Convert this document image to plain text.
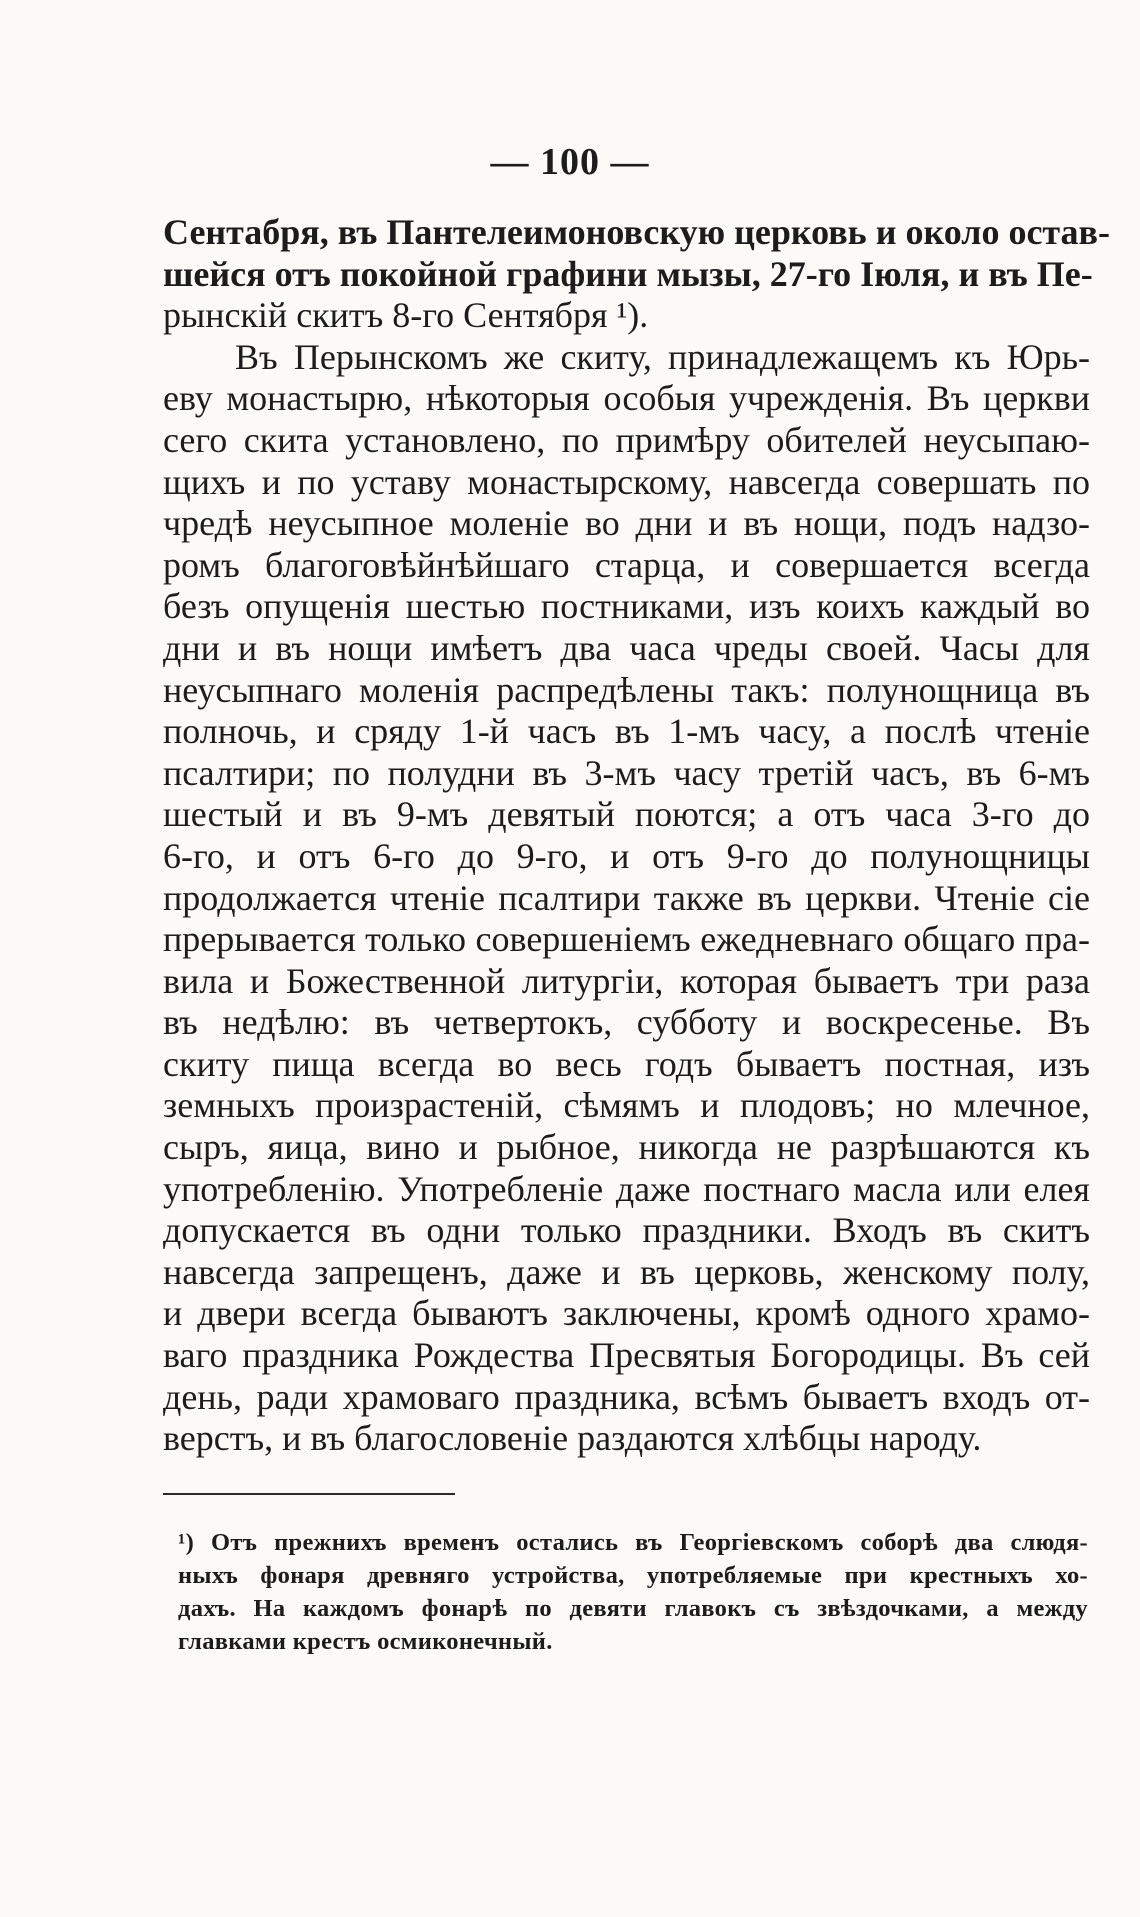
— 100 —
Сентабря, въ Пантелеимоновскую церковь и около остав-
шейся отъ покойной графини мызы, 27-го Іюля, и въ Пе-
рынскій скитъ 8-го Сентября ¹).
Въ Перынскомъ же скиту, принадлежащемъ къ Юрь-
еву монастырю, нѣкоторыя особыя учрежденія. Въ церкви
сего скита установлено, по примѣру обителей неусыпаю-
щихъ и по уставу монастырскому, навсегда совершать по
чредѣ неусыпное моленіе во дни и въ нощи, подъ надзо-
ромъ благоговѣйнѣйшаго старца, и совершается всегда
безъ опущенія шестью постниками, изъ коихъ каждый во
дни и въ нощи имѣетъ два часа чреды своей. Часы для
неусыпнаго моленія распредѣлены такъ: полунощница въ
полночь, и сряду 1-й часъ въ 1-мъ часу, а послѣ чтеніе
псалтири; по полудни въ 3-мъ часу третій часъ, въ 6-мъ
шестый и въ 9-мъ девятый поются; а отъ часа 3-го до
6-го, и отъ 6-го до 9-го, и отъ 9-го до полунощницы
продолжается чтеніе псалтири также въ церкви. Чтеніе сіе
прерывается только совершеніемъ ежедневнаго общаго пра-
вила и Божественной литургіи, которая бываетъ три раза
въ недѣлю: въ четвертокъ, субботу и воскресенье. Въ
скиту пища всегда во весь годъ бываетъ постная, изъ
земныхъ произрастеній, сѣмямъ и плодовъ; но млечное,
сыръ, яица, вино и рыбное, никогда не разрѣшаются къ
употребленію. Употребленіе даже постнаго масла или елея
допускается въ одни только праздники. Входъ въ скитъ
навсегда запрещенъ, даже и въ церковь, женскому полу,
и двери всегда бываютъ заключены, кромѣ одного храмо-
ваго праздника Рождества Пресвятыя Богородицы. Въ сей
день, ради храмоваго праздника, всѣмъ бываетъ входъ от-
верстъ, и въ благословеніе раздаются хлѣбцы народу.
¹) Отъ прежнихъ временъ остались въ Георгіевскомъ соборѣ два слюдя-
ныхъ фонаря древняго устройства, употребляемые при крестныхъ хо-
дахъ. На каждомъ фонарѣ по девяти главокъ съ звѣздочками, а между
главками крестъ осмиконечный.
